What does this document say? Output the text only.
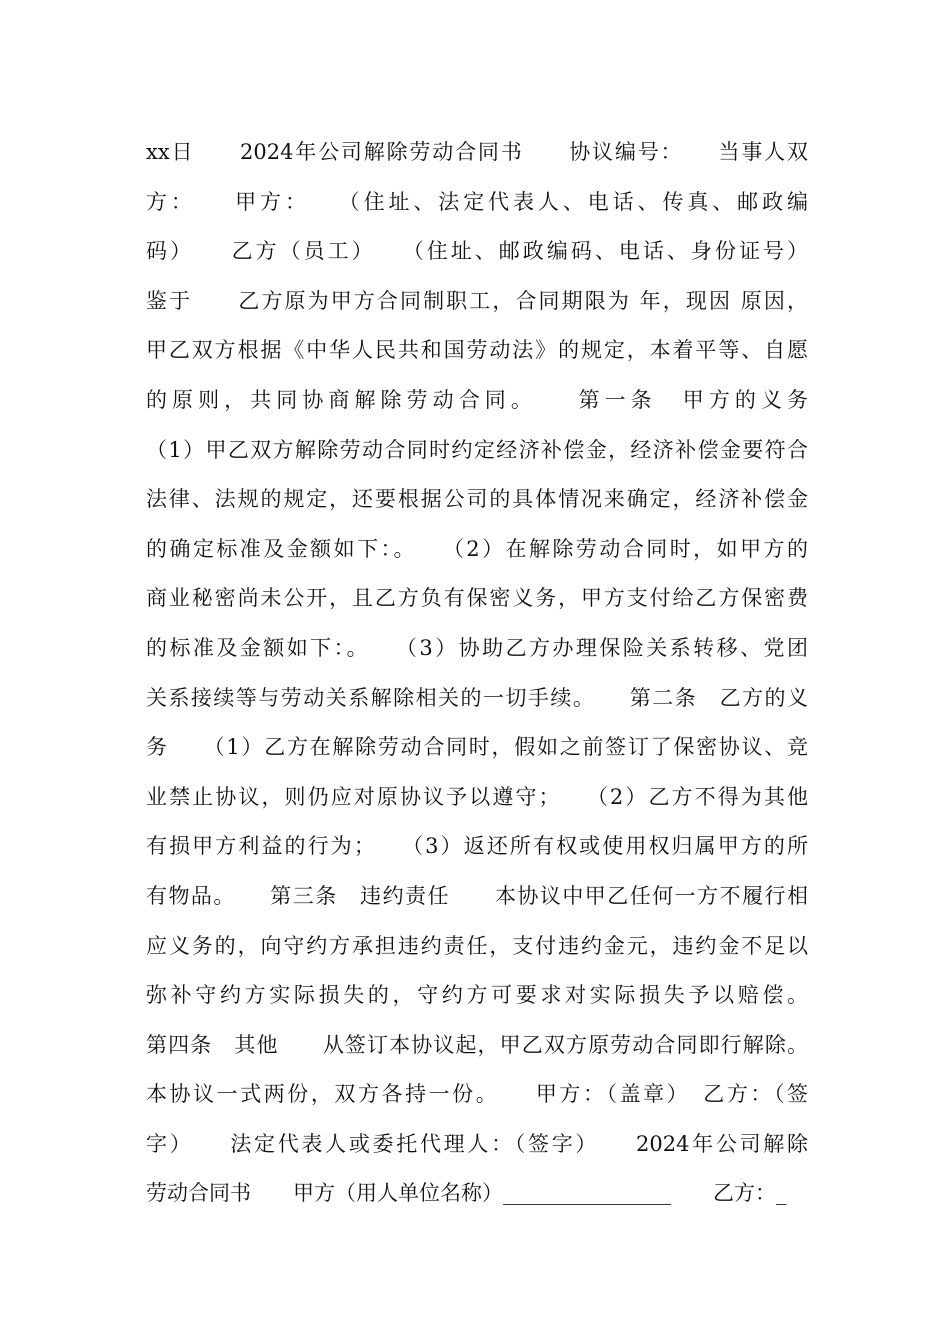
xx日　　2024年公司解除劳动合同书　　协议编号：　　当事人双
方：　　甲方：　　（住址、法定代表人、电话、传真、邮政编
码）　　乙方（员工）　　（住址、邮政编码、电话、身份证号）
鉴于　　乙方原为甲方合同制职工，合同期限为 年，现因 原因，
甲乙双方根据《中华人民共和国劳动法》的规定，本着平等、自愿
的原则，共同协商解除劳动合同。　　第一条　甲方的义务
（1）甲乙双方解除劳动合同时约定经济补偿金，经济补偿金要符合
法律、法规的规定，还要根据公司的具体情况来确定，经济补偿金
的确定标准及金额如下：。　　（2）在解除劳动合同时，如甲方的
商业秘密尚未公开，且乙方负有保密义务，甲方支付给乙方保密费
的标准及金额如下：。　　（3）协助乙方办理保险关系转移、党团
关系接续等与劳动关系解除相关的一切手续。　　第二条　乙方的义
务　　（1）乙方在解除劳动合同时，假如之前签订了保密协议、竞
业禁止协议，则仍应对原协议予以遵守；　　（2）乙方不得为其他
有损甲方利益的行为；　　（3）返还所有权或使用权归属甲方的所
有物品。　　第三条　违约责任　　本协议中甲乙任何一方不履行相
应义务的，向守约方承担违约责任，支付违约金元，违约金不足以
弥补守约方实际损失的，守约方可要求对实际损失予以赔偿。
第四条　其他　　从签订本协议起，甲乙双方原劳动合同即行解除。
本协议一式两份，双方各持一份。　　甲方：（盖章）　乙方：（签
字）　　法定代表人或委托代理人：（签字）　　2024年公司解除
劳动合同书　　甲方（用人单位名称）________________　　乙方：_
